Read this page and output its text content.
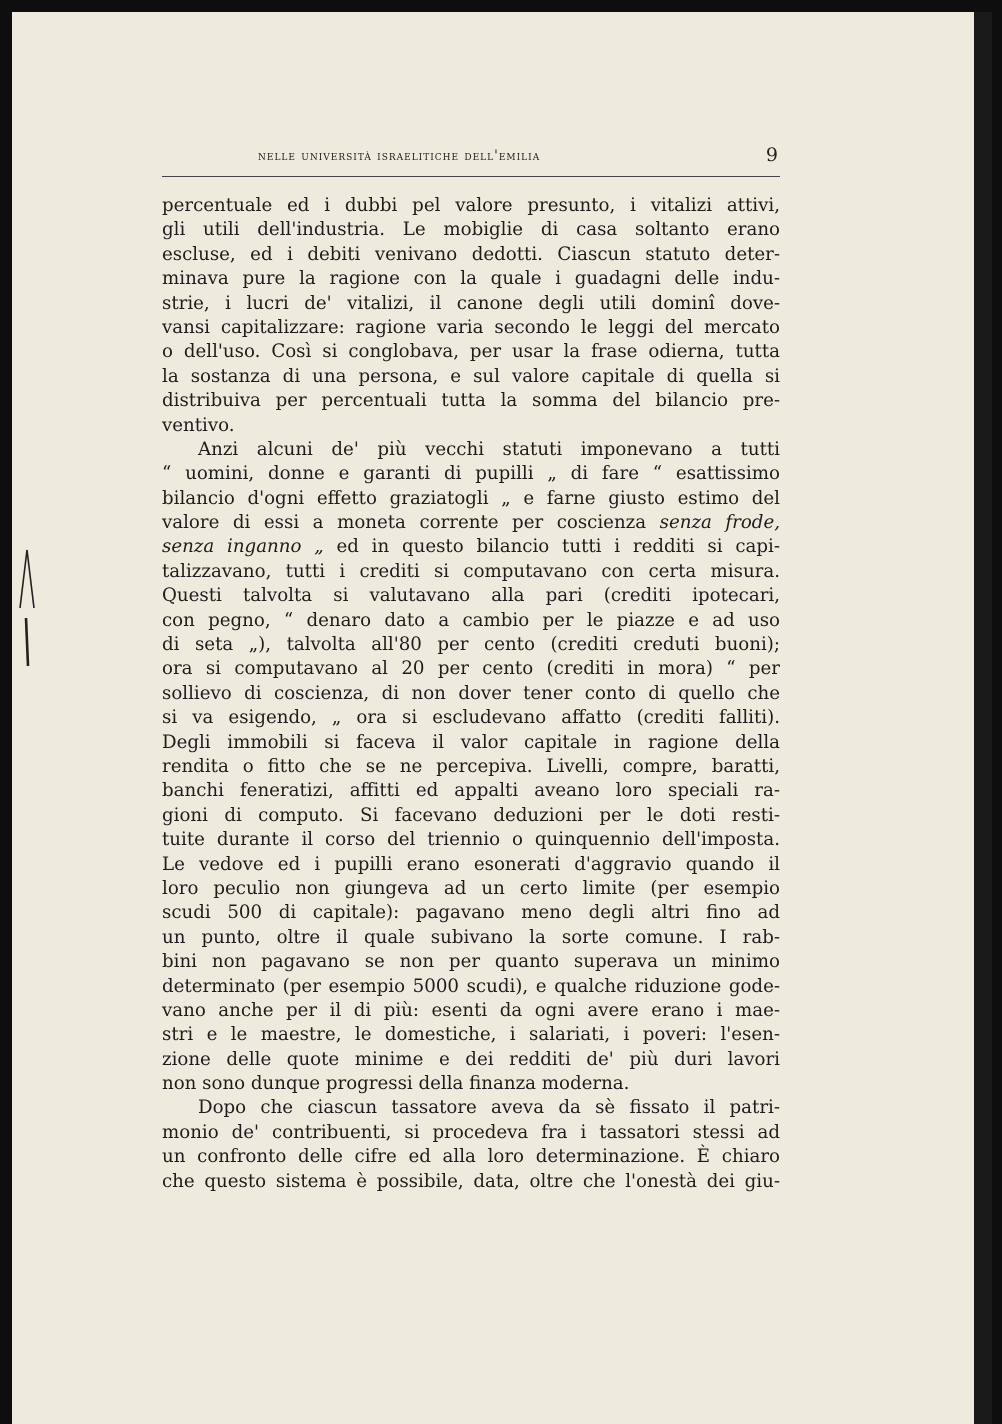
nelle università israelitiche dell'emilia	9
percentuale ed i dubbi pel valore presunto, i vitalizi attivi,
gli utili dell'industria. Le mobiglie di casa soltanto erano
escluse, ed i debiti venivano dedotti. Ciascun statuto deter-
minava pure la ragione con la quale i guadagni delle indu-
strie, i lucri de' vitalizi, il canone degli utili dominî dove-
vansi capitalizzare: ragione varia secondo le leggi del mercato
o dell'uso. Così si conglobava, per usar la frase odierna, tutta
la sostanza di una persona, e sul valore capitale di quella si
distribuiva per percentuali tutta la somma del bilancio pre-
ventivo.
Anzi alcuni de' più vecchi statuti imponevano a tutti
“ uomini, donne e garanti di pupilli „ di fare “ esattissimo
bilancio d'ogni effetto graziatogli „ e farne giusto estimo del
valore di essi a moneta corrente per coscienza senza frode,
senza inganno „ ed in questo bilancio tutti i redditi si capi-
talizzavano, tutti i crediti si computavano con certa misura.
Questi talvolta si valutavano alla pari (crediti ipotecari,
con pegno, “ denaro dato a cambio per le piazze e ad uso
di seta „), talvolta all'80 per cento (crediti creduti buoni);
ora si computavano al 20 per cento (crediti in mora) “ per
sollievo di coscienza, di non dover tener conto di quello che
si va esigendo, „ ora si escludevano affatto (crediti falliti).
Degli immobili si faceva il valor capitale in ragione della
rendita o fitto che se ne percepiva. Livelli, compre, baratti,
banchi feneratizi, affitti ed appalti aveano loro speciali ra-
gioni di computo. Si facevano deduzioni per le doti resti-
tuite durante il corso del triennio o quinquennio dell'imposta.
Le vedove ed i pupilli erano esonerati d'aggravio quando il
loro peculio non giungeva ad un certo limite (per esempio
scudi 500 di capitale): pagavano meno degli altri fino ad
un punto, oltre il quale subivano la sorte comune. I rab-
bini non pagavano se non per quanto superava un minimo
determinato (per esempio 5000 scudi), e qualche riduzione gode-
vano anche per il di più: esenti da ogni avere erano i mae-
stri e le maestre, le domestiche, i salariati, i poveri: l'esen-
zione delle quote minime e dei redditi de' più duri lavori
non sono dunque progressi della finanza moderna.
Dopo che ciascun tassatore aveva da sè fissato il patri-
monio de' contribuenti, si procedeva fra i tassatori stessi ad
un confronto delle cifre ed alla loro determinazione. È chiaro
che questo sistema è possibile, data, oltre che l'onestà dei giu-
